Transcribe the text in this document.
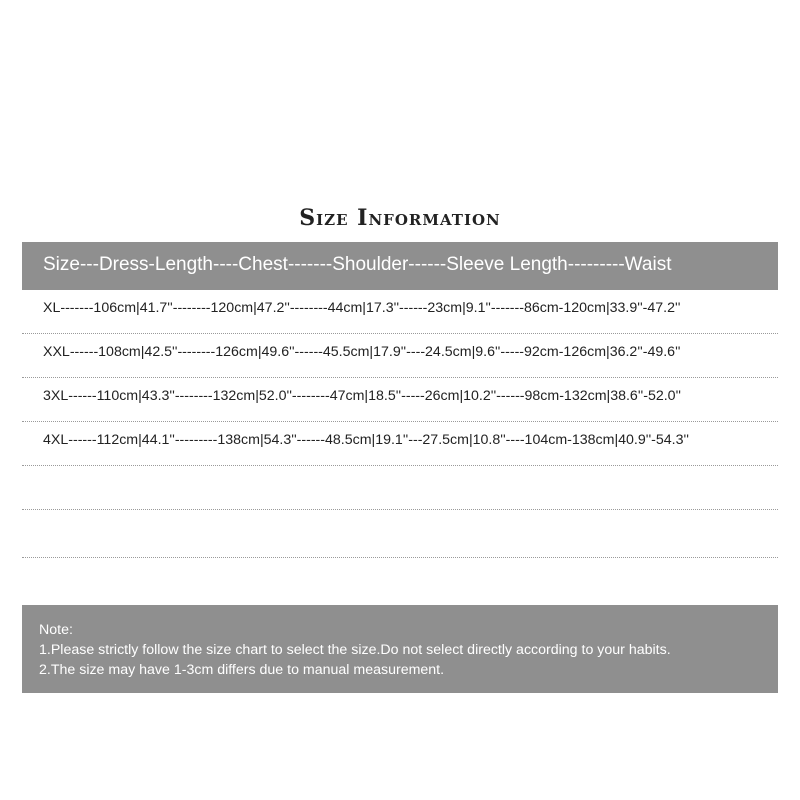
Size Information
Size---Dress-Length----Chest-------Shoulder------Sleeve Length---------Waist
XL-------106cm|41.7''--------120cm|47.2''--------44cm|17.3''------23cm|9.1''-------86cm-120cm|33.9''-47.2''
XXL------108cm|42.5''--------126cm|49.6''------45.5cm|17.9''----24.5cm|9.6''-----92cm-126cm|36.2''-49.6''
3XL------110cm|43.3''--------132cm|52.0''--------47cm|18.5''-----26cm|10.2''------98cm-132cm|38.6''-52.0''
4XL------112cm|44.1''---------138cm|54.3''------48.5cm|19.1''---27.5cm|10.8''----104cm-138cm|40.9''-54.3''
Note:
1.Please strictly follow the size chart to select the size.Do not select directly according to your habits.
2.The size may have 1-3cm differs due to manual measurement.
